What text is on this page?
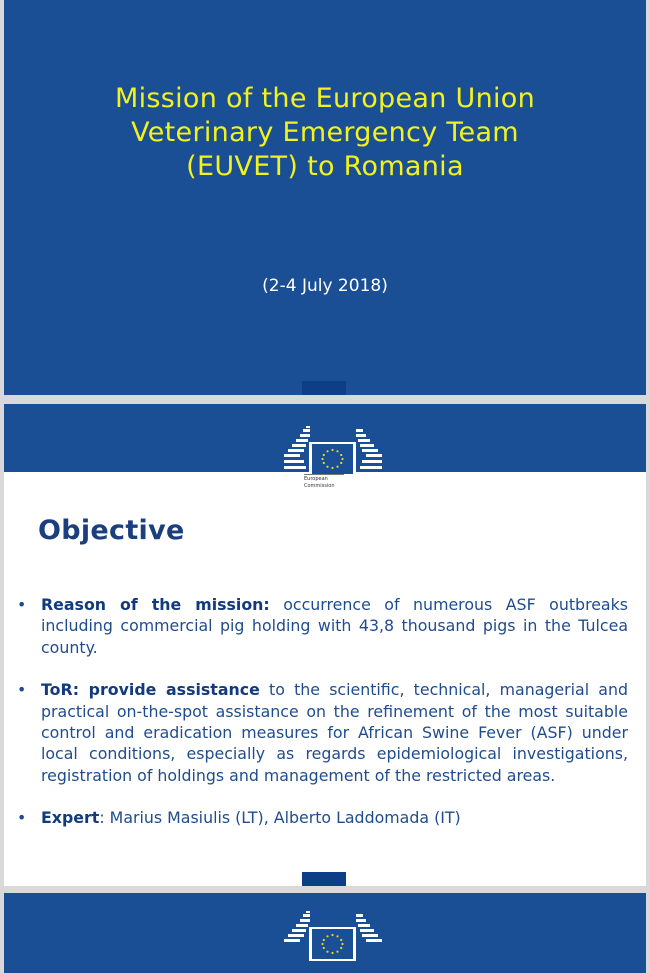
Mission of the European Union
Veterinary Emergency Team
(EUVET) to Romania
(2-4 July 2018)
European
Commission
Objective
• Reason of the mission: occurrence of numerous ASF outbreaks including commercial pig holding with 43,8 thousand pigs in the Tulcea county.
• ToR: provide assistance to the scientific, technical, managerial and practical on-the-spot assistance on the refinement of the most suitable control and eradication measures for African Swine Fever (ASF) under local conditions, especially as regards epidemiological investigations, registration of holdings and management of the restricted areas.
• Expert: Marius Masiulis (LT), Alberto Laddomada (IT)
